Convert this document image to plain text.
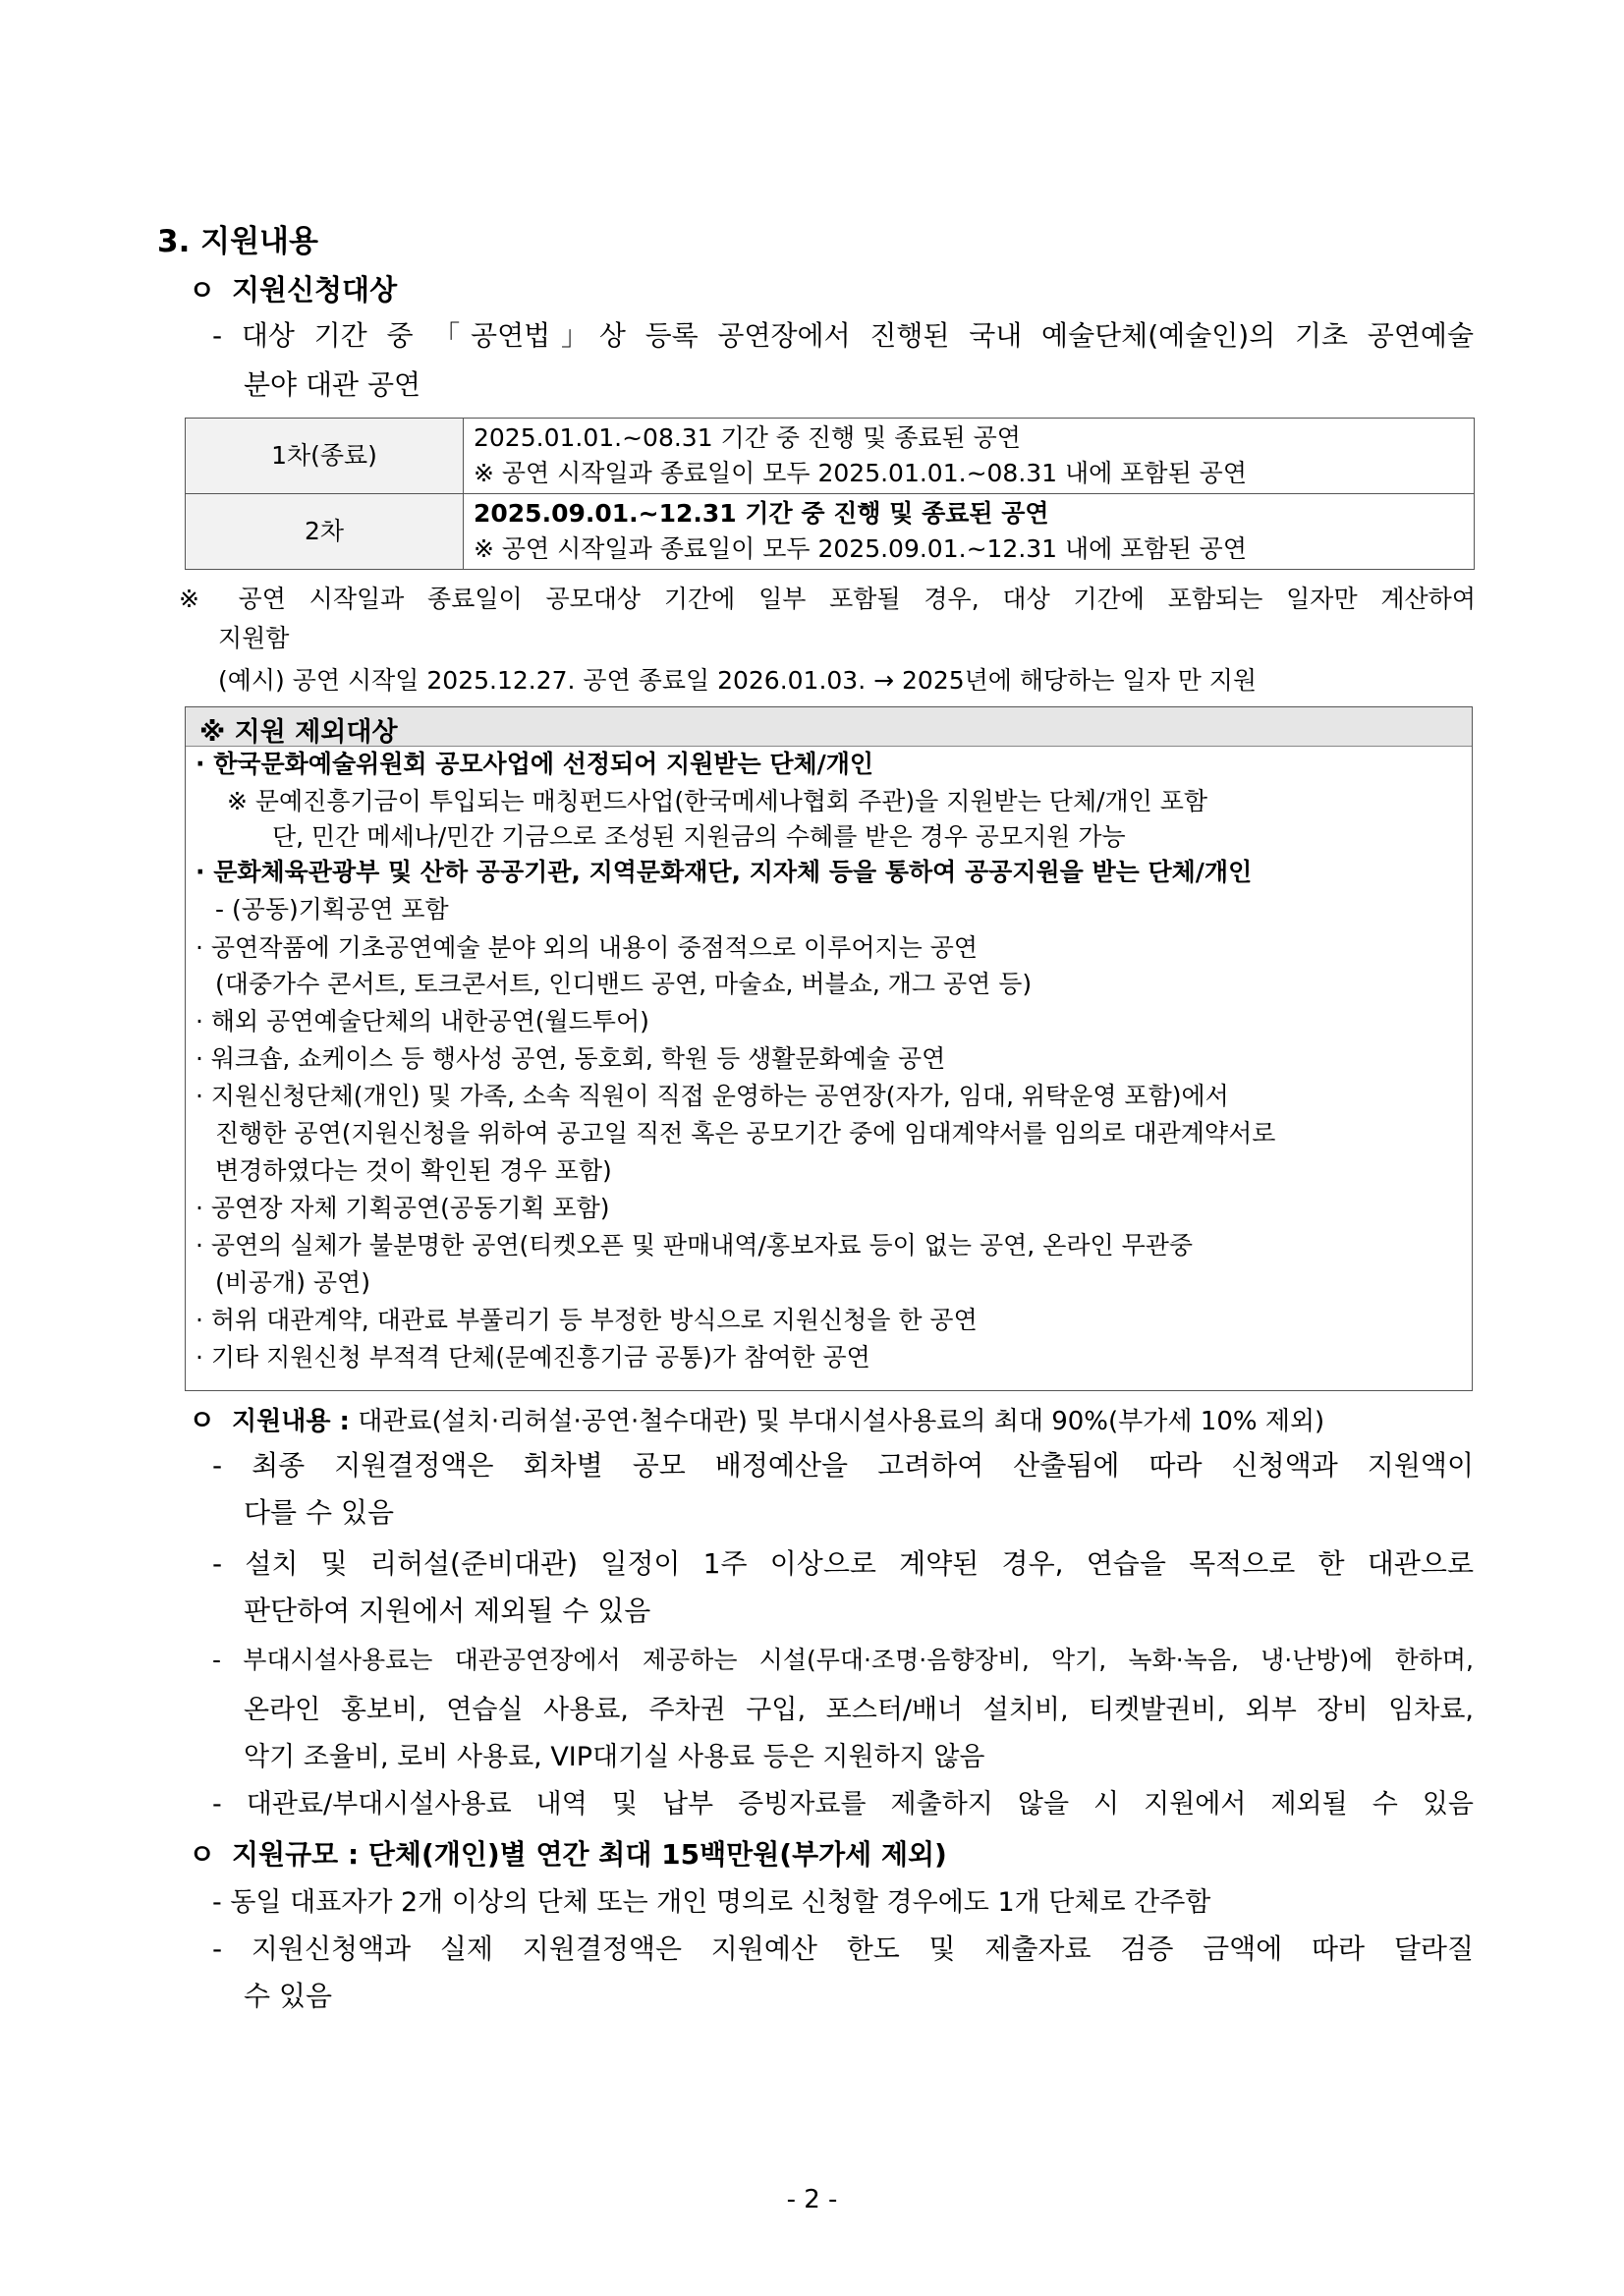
3. 지원내용
ㅇ 지원신청대상
- 대상 기간 중 「공연법」상 등록 공연장에서 진행된 국내 예술단체(예술인)의 기초 공연예술
분야 대관 공연
1차(종료)	2025.01.01.~08.31 기간 중 진행 및 종료된 공연
※ 공연 시작일과 종료일이 모두 2025.01.01.~08.31 내에 포함된 공연

2차	2025.09.01.~12.31 기간 중 진행 및 종료된 공연
※ 공연 시작일과 종료일이 모두 2025.09.01.~12.31 내에 포함된 공연
※ 공연 시작일과 종료일이 공모대상 기간에 일부 포함될 경우, 대상 기간에 포함되는 일자만 계산하여
지원함
(예시) 공연 시작일 2025.12.27. 공연 종료일 2026.01.03. → 2025년에 해당하는 일자 만 지원
※ 지원 제외대상
· 한국문화예술위원회 공모사업에 선정되어 지원받는 단체/개인
※ 문예진흥기금이 투입되는 매칭펀드사업(한국메세나협회 주관)을 지원받는 단체/개인 포함
단, 민간 메세나/민간 기금으로 조성된 지원금의 수혜를 받은 경우 공모지원 가능
· 문화체육관광부 및 산하 공공기관, 지역문화재단, 지자체 등을 통하여 공공지원을 받는 단체/개인
- (공동)기획공연 포함
· 공연작품에 기초공연예술 분야 외의 내용이 중점적으로 이루어지는 공연
(대중가수 콘서트, 토크콘서트, 인디밴드 공연, 마술쇼, 버블쇼, 개그 공연 등)
· 해외 공연예술단체의 내한공연(월드투어)
· 워크숍, 쇼케이스 등 행사성 공연, 동호회, 학원 등 생활문화예술 공연
· 지원신청단체(개인) 및 가족, 소속 직원이 직접 운영하는 공연장(자가, 임대, 위탁운영 포함)에서
진행한 공연(지원신청을 위하여 공고일 직전 혹은 공모기간 중에 임대계약서를 임의로 대관계약서로
변경하였다는 것이 확인된 경우 포함)
· 공연장 자체 기획공연(공동기획 포함)
· 공연의 실체가 불분명한 공연(티켓오픈 및 판매내역/홍보자료 등이 없는 공연, 온라인 무관중
(비공개) 공연)
· 허위 대관계약, 대관료 부풀리기 등 부정한 방식으로 지원신청을 한 공연
· 기타 지원신청 부적격 단체(문예진흥기금 공통)가 참여한 공연
ㅇ 지원내용 : 대관료(설치·리허설·공연·철수대관) 및 부대시설사용료의 최대 90%(부가세 10% 제외)
- 최종 지원결정액은 회차별 공모 배정예산을 고려하여 산출됨에 따라 신청액과 지원액이
다를 수 있음
- 설치 및 리허설(준비대관) 일정이 1주 이상으로 계약된 경우, 연습을 목적으로 한 대관으로
판단하여 지원에서 제외될 수 있음
- 부대시설사용료는 대관공연장에서 제공하는 시설(무대·조명·음향장비, 악기, 녹화·녹음, 냉·난방)에 한하며,
온라인 홍보비, 연습실 사용료, 주차권 구입, 포스터/배너 설치비, 티켓발권비, 외부 장비 임차료,
악기 조율비, 로비 사용료, VIP대기실 사용료 등은 지원하지 않음
- 대관료/부대시설사용료 내역 및 납부 증빙자료를 제출하지 않을 시 지원에서 제외될 수 있음
ㅇ 지원규모 : 단체(개인)별 연간 최대 15백만원(부가세 제외)
- 동일 대표자가 2개 이상의 단체 또는 개인 명의로 신청할 경우에도 1개 단체로 간주함
- 지원신청액과 실제 지원결정액은 지원예산 한도 및 제출자료 검증 금액에 따라 달라질
수 있음
- 2 -
